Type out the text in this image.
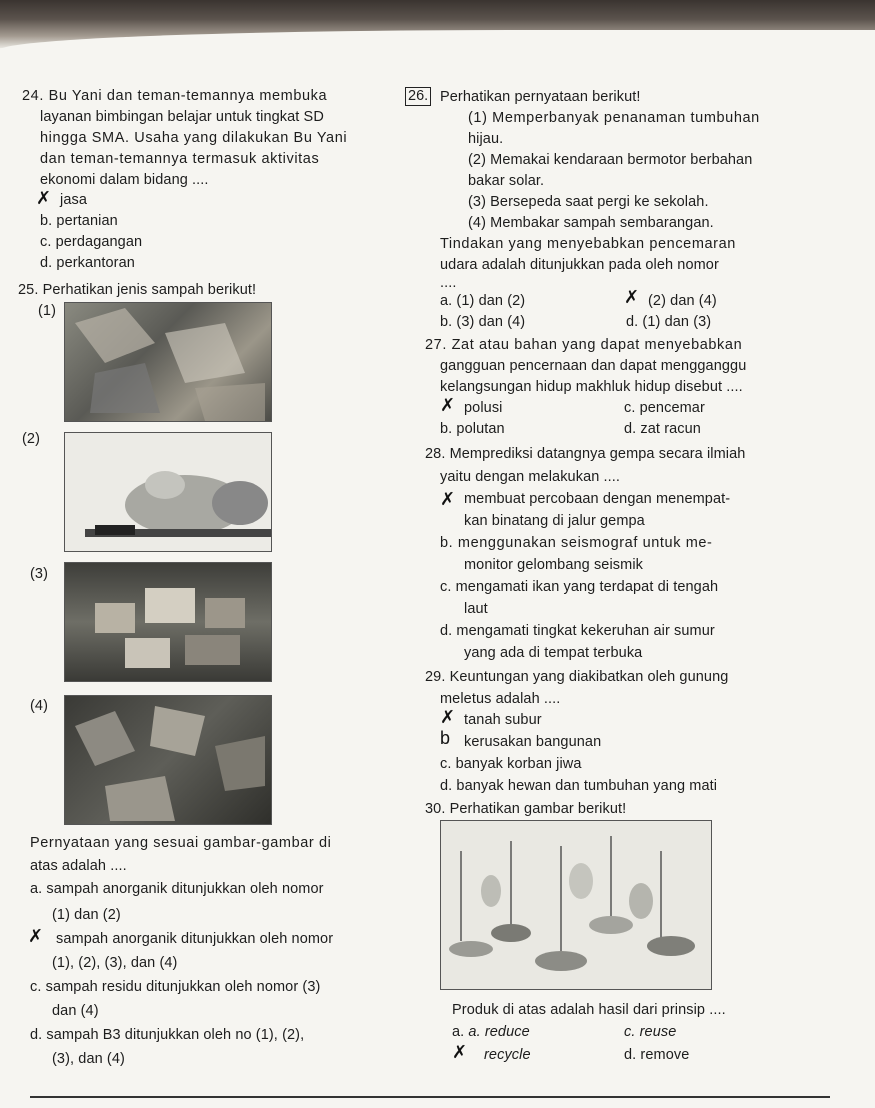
24. Bu Yani dan teman-temannya membuka
layanan bimbingan belajar untuk tingkat SD
hingga SMA. Usaha yang dilakukan Bu Yani
dan teman-temannya termasuk aktivitas
ekonomi dalam bidang ....
✗ jasa
b. pertanian
c. perdagangan
d. perkantoran
25. Perhatikan jenis sampah berikut!
(1)
(2)
(3)
(4)
Pernyataan yang sesuai gambar-gambar di
atas adalah ....
a. sampah anorganik ditunjukkan oleh nomor
(1) dan (2)
✗ sampah anorganik ditunjukkan oleh nomor
(1), (2), (3), dan (4)
c. sampah residu ditunjukkan oleh nomor (3)
dan (4)
d. sampah B3 ditunjukkan oleh no (1), (2),
(3), dan (4)
26. Perhatikan pernyataan berikut!
(1) Memperbanyak penanaman tumbuhan
hijau.
(2) Memakai kendaraan bermotor berbahan
bakar solar.
(3) Bersepeda saat pergi ke sekolah.
(4) Membakar sampah sembarangan.
Tindakan yang menyebabkan pencemaran
udara adalah ditunjukkan pada oleh nomor
....
a. (1) dan (2)	✗ (2) dan (4)
b. (3) dan (4)	d. (1) dan (3)
27. Zat atau bahan yang dapat menyebabkan
gangguan pencernaan dan dapat mengganggu
kelangsungan hidup makhluk hidup disebut ....
✗ polusi	c. pencemar
b. polutan	d. zat racun
28. Memprediksi datangnya gempa secara ilmiah
yaitu dengan melakukan ....
✗ membuat percobaan dengan menempat-
kan binatang di jalur gempa
b. menggunakan seismograf untuk me-
monitor gelombang seismik
c. mengamati ikan yang terdapat di tengah
laut
d. mengamati tingkat kekeruhan air sumur
yang ada di tempat terbuka
29. Keuntungan yang diakibatkan oleh gunung
meletus adalah ....
✗ tanah subur
b kerusakan bangunan
c. banyak korban jiwa
d. banyak hewan dan tumbuhan yang mati
30. Perhatikan gambar berikut!
Produk di atas adalah hasil dari prinsip ....
a. a. reduce	c. reuse
✗ recycle	d. remove
